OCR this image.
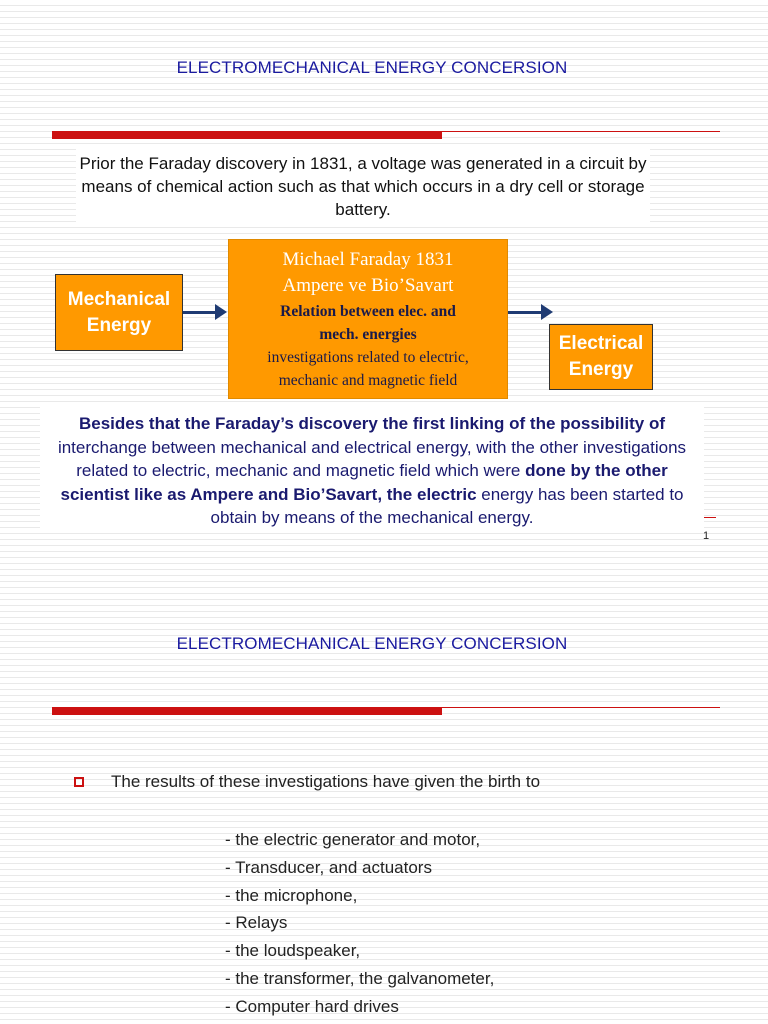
ELECTROMECHANICAL ENERGY CONCERSION
Prior the Faraday discovery in 1831, a voltage was generated in a circuit by means of chemical action such as that which occurs in a dry cell or storage battery.
Mechanical
Energy
Michael Faraday 1831
Ampere ve Bio’Savart
Relation between elec. and mech. energies
investigations related to electric, mechanic and magnetic field
Electrical
Energy
Besides that the Faraday’s discovery the first linking of the possibility of interchange between mechanical and electrical energy, with the other investigations related to electric, mechanic and magnetic field which were done by the other scientist like as Ampere and Bio’Savart, the electric energy has been started to obtain by means of the mechanical energy.
1
ELECTROMECHANICAL ENERGY CONCERSION
The results of these investigations have given the birth to
- the electric generator and motor,
- Transducer, and actuators
- the microphone,
- Relays
- the loudspeaker,
- the transformer, the galvanometer,
- Computer hard drives
